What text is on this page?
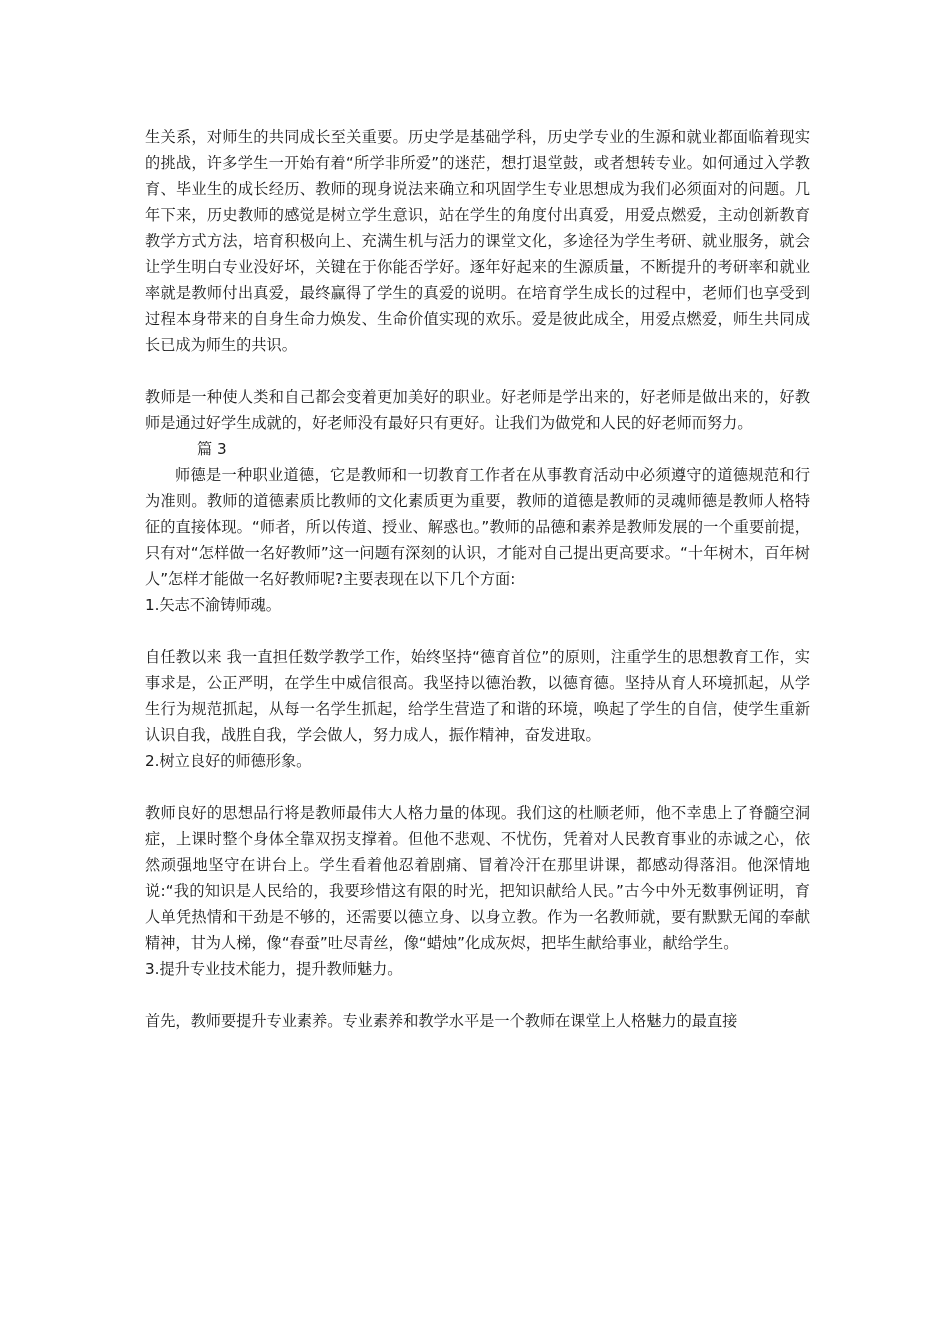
生关系，对师生的共同成长至关重要。历史学是基础学科，历史学专业的生源和就业都面临着现实的挑战，许多学生一开始有着“所学非所爱”的迷茫，想打退堂鼓，或者想转专业。如何通过入学教育、毕业生的成长经历、教师的现身说法来确立和巩固学生专业思想成为我们必须面对的问题。几年下来，历史教师的感觉是树立学生意识，站在学生的角度付出真爱，用爱点燃爱，主动创新教育教学方式方法，培育积极向上、充满生机与活力的课堂文化，多途径为学生考研、就业服务，就会让学生明白专业没好坏，关键在于你能否学好。逐年好起来的生源质量，不断提升的考研率和就业率就是教师付出真爱，最终赢得了学生的真爱的说明。在培育学生成长的过程中，老师们也享受到过程本身带来的自身生命力焕发、生命价值实现的欢乐。爱是彼此成全，用爱点燃爱，师生共同成长已成为师生的共识。

教师是一种使人类和自己都会变着更加美好的职业。好老师是学出来的，好老师是做出来的，好教师是通过好学生成就的，好老师没有最好只有更好。让我们为做党和人民的好老师而努力。

篇 3

师德是一种职业道德，它是教师和一切教育工作者在从事教育活动中必须遵守的道德规范和行为准则。教师的道德素质比教师的文化素质更为重要，教师的道德是教师的灵魂师德是教师人格特征的直接体现。“师者，所以传道、授业、解惑也。”教师的品德和素养是教师发展的一个重要前提，只有对“怎样做一名好教师”这一问题有深刻的认识，才能对自己提出更高要求。“十年树木，百年树人”怎样才能做一名好教师呢?主要表现在以下几个方面:

1.矢志不渝铸师魂。

自任教以来 我一直担任数学教学工作，始终坚持“德育首位”的原则，注重学生的思想教育工作，实事求是，公正严明，在学生中威信很高。我坚持以德治教，以德育德。坚持从育人环境抓起，从学生行为规范抓起，从每一名学生抓起，给学生营造了和谐的环境，唤起了学生的自信，使学生重新认识自我，战胜自我，学会做人，努力成人，振作精神，奋发进取。

2.树立良好的师德形象。

教师良好的思想品行将是教师最伟大人格力量的体现。我们这的杜顺老师，他不幸患上了脊髓空洞症，上课时整个身体全靠双拐支撑着。但他不悲观、不忧伤，凭着对人民教育事业的赤诚之心，依然顽强地坚守在讲台上。学生看着他忍着剧痛、冒着冷汗在那里讲课，都感动得落泪。他深情地说:“我的知识是人民给的，我要珍惜这有限的时光，把知识献给人民。”古今中外无数事例证明，育人单凭热情和干劲是不够的，还需要以德立身、以身立教。作为一名教师就，要有默默无闻的奉献精神，甘为人梯，像“春蚕”吐尽青丝，像“蜡烛”化成灰烬，把毕生献给事业，献给学生。

3.提升专业技术能力，提升教师魅力。

首先，教师要提升专业素养。专业素养和教学水平是一个教师在课堂上人格魅力的最直接
